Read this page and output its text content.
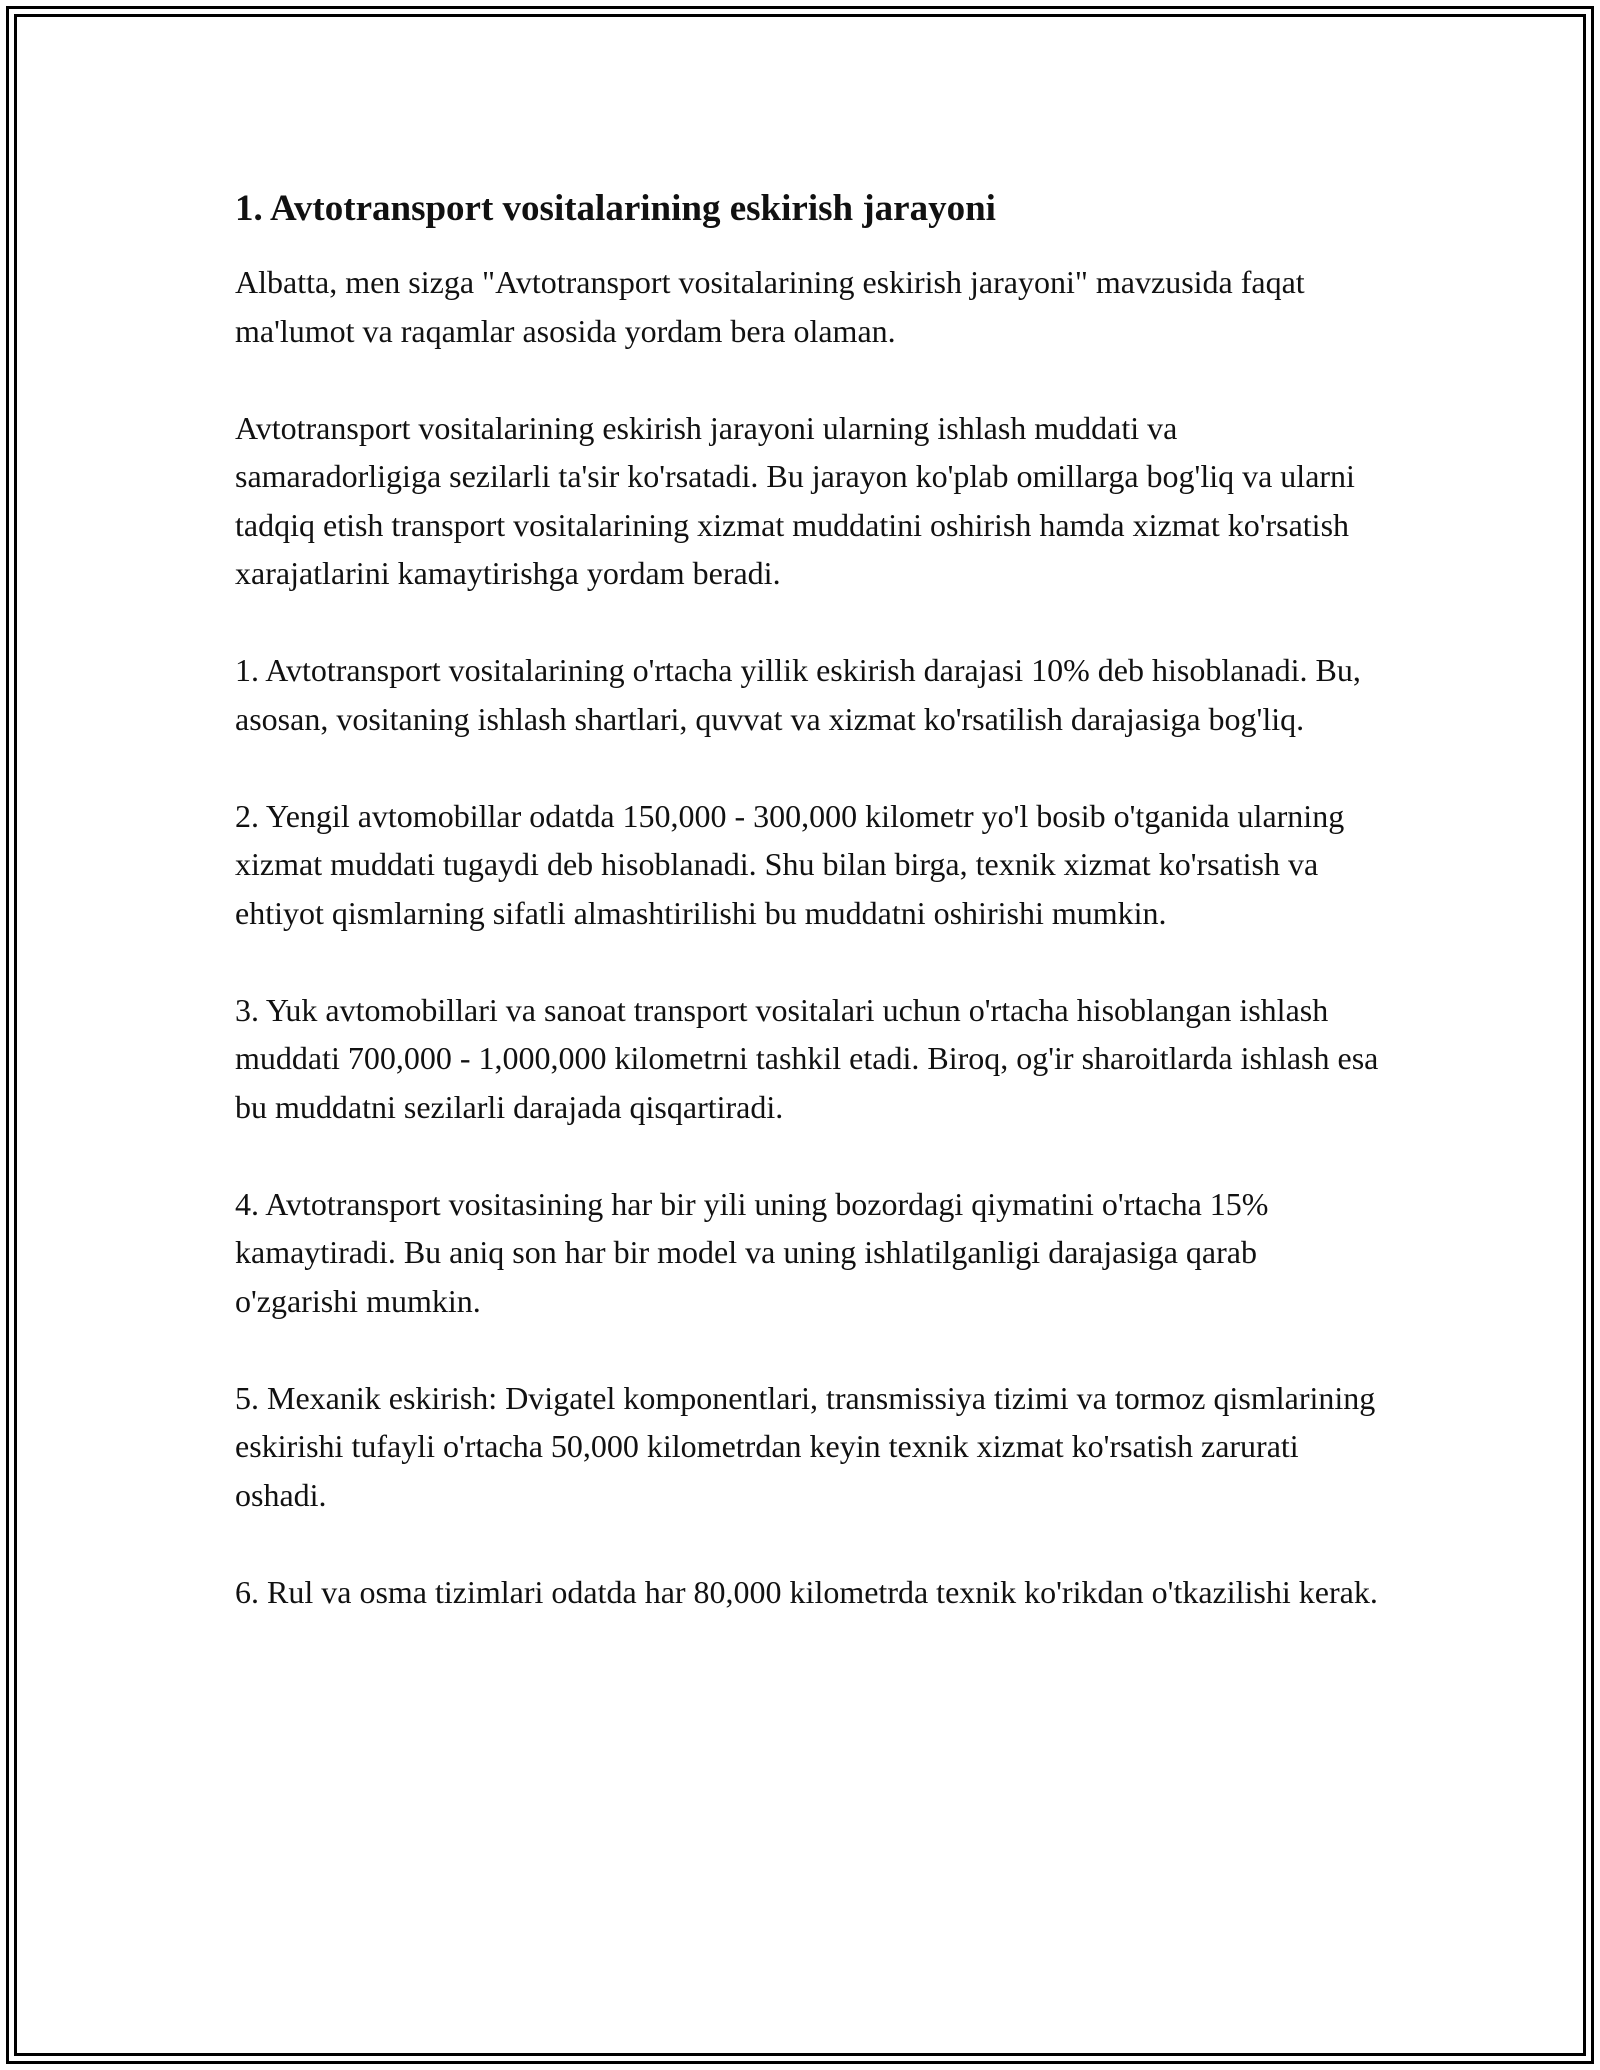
1. Avtotransport vositalarining eskirish jarayoni

Albatta, men sizga "Avtotransport vositalarining eskirish jarayoni" mavzusida faqat ma'lumot va raqamlar asosida yordam bera olaman.

Avtotransport vositalarining eskirish jarayoni ularning ishlash muddati va samaradorligiga sezilarli ta'sir ko'rsatadi. Bu jarayon ko'plab omillarga bog'liq va ularni tadqiq etish transport vositalarining xizmat muddatini oshirish hamda xizmat ko'rsatish xarajatlarini kamaytirishga yordam beradi.

1. Avtotransport vositalarining o'rtacha yillik eskirish darajasi 10% deb hisoblanadi. Bu, asosan, vositaning ishlash shartlari, quvvat va xizmat ko'rsatilish darajasiga bog'liq.

2. Yengil avtomobillar odatda 150,000 - 300,000 kilometr yo'l bosib o'tganida ularning xizmat muddati tugaydi deb hisoblanadi. Shu bilan birga, texnik xizmat ko'rsatish va ehtiyot qismlarning sifatli almashtirilishi bu muddatni oshirishi mumkin.

3. Yuk avtomobillari va sanoat transport vositalari uchun o'rtacha hisoblangan ishlash muddati 700,000 - 1,000,000 kilometrni tashkil etadi. Biroq, og'ir sharoitlarda ishlash esa bu muddatni sezilarli darajada qisqartiradi.

4. Avtotransport vositasining har bir yili uning bozordagi qiymatini o'rtacha 15% kamaytiradi. Bu aniq son har bir model va uning ishlatilganligi darajasiga qarab o'zgarishi mumkin.

5. Mexanik eskirish: Dvigatel komponentlari, transmissiya tizimi va tormoz qismlarining eskirishi tufayli o'rtacha 50,000 kilometrdan keyin texnik xizmat ko'rsatish zarurati oshadi.

6. Rul va osma tizimlari odatda har 80,000 kilometrda texnik ko'rikdan o'tkazilishi kerak.
